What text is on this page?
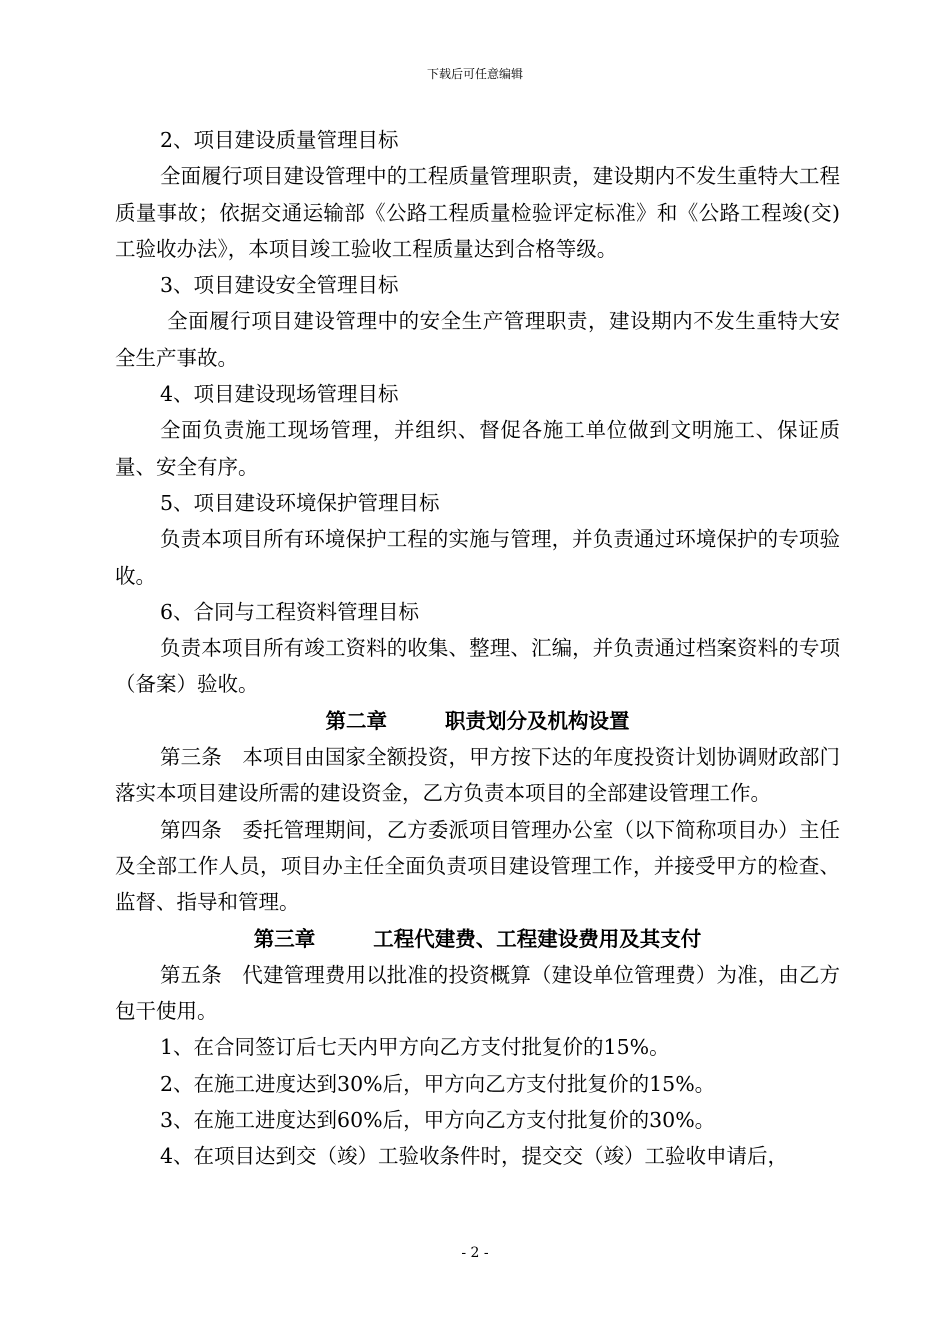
下载后可任意编辑

2、项目建设质量管理目标

全面履行项目建设管理中的工程质量管理职责，建设期内不发生重特大工程质量事故；依据交通运输部《公路工程质量检验评定标准》和《公路工程竣(交)工验收办法》，本项目竣工验收工程质量达到合格等级。

3、项目建设安全管理目标

全面履行项目建设管理中的安全生产管理职责，建设期内不发生重特大安全生产事故。

4、项目建设现场管理目标

全面负责施工现场管理，并组织、督促各施工单位做到文明施工、保证质量、安全有序。

5、项目建设环境保护管理目标

负责本项目所有环境保护工程的实施与管理，并负责通过环境保护的专项验收。

6、合同与工程资料管理目标

负责本项目所有竣工资料的收集、整理、汇编，并负责通过档案资料的专项（备案）验收。

第二章	职责划分及机构设置

第三条　本项目由国家全额投资，甲方按下达的年度投资计划协调财政部门落实本项目建设所需的建设资金，乙方负责本项目的全部建设管理工作。

第四条　委托管理期间，乙方委派项目管理办公室（以下简称项目办）主任及全部工作人员，项目办主任全面负责项目建设管理工作，并接受甲方的检查、监督、指导和管理。

第三章	工程代建费、工程建设费用及其支付

第五条　代建管理费用以批准的投资概算（建设单位管理费）为准，由乙方包干使用。

1、在合同签订后七天内甲方向乙方支付批复价的15%。

2、在施工进度达到30%后，甲方向乙方支付批复价的15%。

3、在施工进度达到60%后，甲方向乙方支付批复价的30%。

4、在项目达到交（竣）工验收条件时，提交交（竣）工验收申请后，

- 2 -
